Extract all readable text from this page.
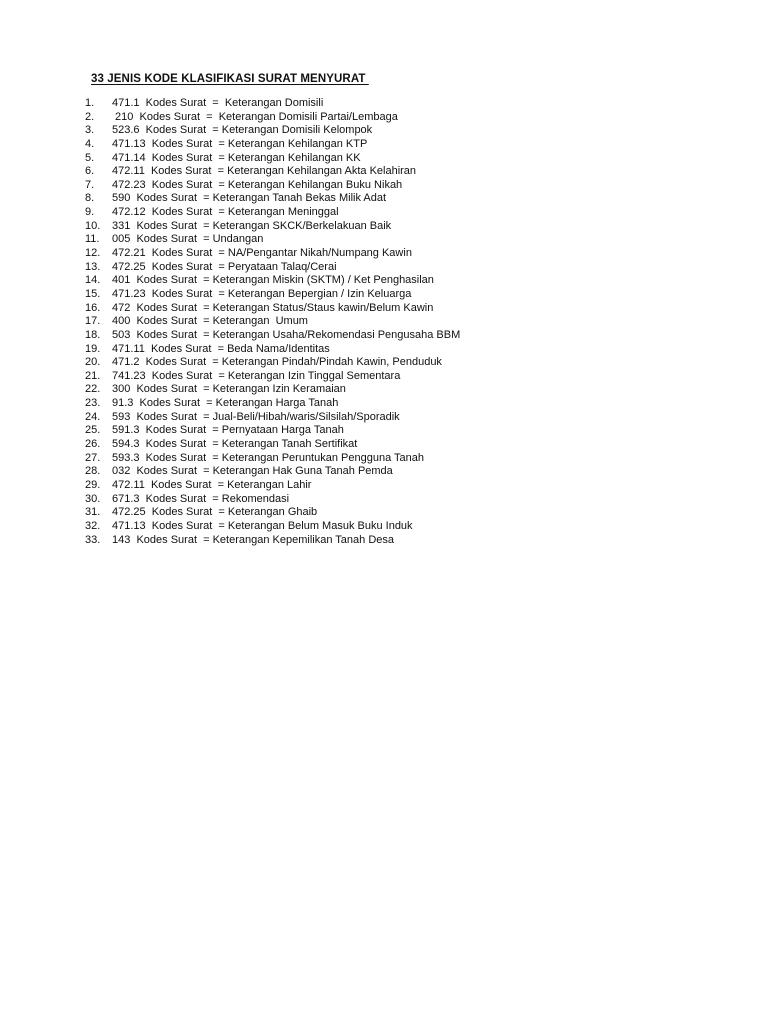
33 JENIS KODE KLASIFIKASI SURAT MENYURAT
1.	471.1  Kodes Surat  =  Keterangan Domisili
2.	210  Kodes Surat  =  Keterangan Domisili Partai/Lembaga
3.	523.6  Kodes Surat  = Keterangan Domisili Kelompok
4.	471.13  Kodes Surat  = Keterangan Kehilangan KTP
5.	471.14  Kodes Surat  = Keterangan Kehilangan KK
6.	472.11  Kodes Surat  = Keterangan Kehilangan Akta Kelahiran
7.	472.23  Kodes Surat  = Keterangan Kehilangan Buku Nikah
8.	590  Kodes Surat  = Keterangan Tanah Bekas Milik Adat
9.	472.12  Kodes Surat  = Keterangan Meninggal
10.	331  Kodes Surat  = Keterangan SKCK/Berkelakuan Baik
11.	005  Kodes Surat  = Undangan
12.	472.21  Kodes Surat  = NA/Pengantar Nikah/Numpang Kawin
13.	472.25  Kodes Surat  = Peryataan Talaq/Cerai
14.	401  Kodes Surat  = Keterangan Miskin (SKTM) / Ket Penghasilan
15.	471.23  Kodes Surat  = Keterangan Bepergian / Izin Keluarga
16.	472  Kodes Surat  = Keterangan Status/Staus kawin/Belum Kawin
17.	400  Kodes Surat  = Keterangan  Umum
18.	503  Kodes Surat  = Keterangan Usaha/Rekomendasi Pengusaha BBM
19.	471.11  Kodes Surat  = Beda Nama/Identitas
20.	471.2  Kodes Surat  = Keterangan Pindah/Pindah Kawin, Penduduk
21.	741.23  Kodes Surat  = Keterangan Izin Tinggal Sementara
22.	300  Kodes Surat  = Keterangan Izin Keramaian
23.	91.3  Kodes Surat  = Keterangan Harga Tanah
24.	593  Kodes Surat  = Jual-Beli/Hibah/waris/Silsilah/Sporadik
25.	591.3  Kodes Surat  = Pernyataan Harga Tanah
26.	594.3  Kodes Surat  = Keterangan Tanah Sertifikat
27.	593.3  Kodes Surat  = Keterangan Peruntukan Pengguna Tanah
28.	032  Kodes Surat  = Keterangan Hak Guna Tanah Pemda
29.	472.11  Kodes Surat  = Keterangan Lahir
30.	671.3  Kodes Surat  = Rekomendasi
31.	472.25  Kodes Surat  = Keterangan Ghaib
32.	471.13  Kodes Surat  = Keterangan Belum Masuk Buku Induk
33.	143  Kodes Surat  = Keterangan Kepemilikan Tanah Desa
